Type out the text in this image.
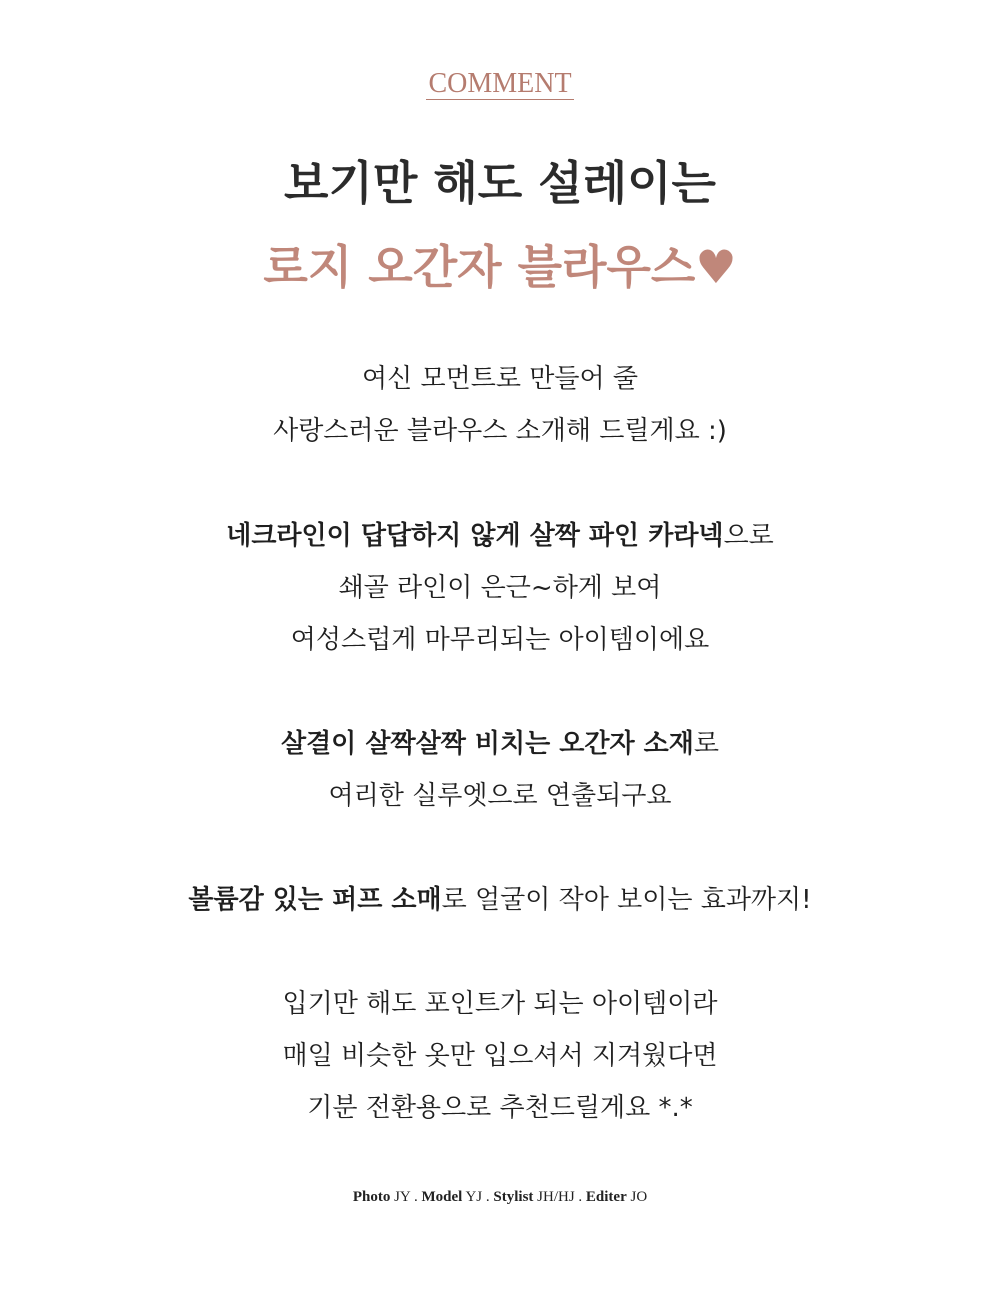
COMMENT
보기만 해도 설레이는
로지 오간자 블라우스♥
여신 모먼트로 만들어 줄
사랑스러운 블라우스 소개해 드릴게요 :)
네크라인이 답답하지 않게 살짝 파인 카라넥으로
쇄골 라인이 은근~하게 보여
여성스럽게 마무리되는 아이템이에요
살결이 살짝살짝 비치는 오간자 소재로
여리한 실루엣으로 연출되구요
볼륨감 있는 퍼프 소매로 얼굴이 작아 보이는 효과까지!
입기만 해도 포인트가 되는 아이템이라
매일 비슷한 옷만 입으셔서 지겨웠다면
기분 전환용으로 추천드릴게요 *.*
Photo JY . Model YJ . Stylist JH/HJ . Editer JO
